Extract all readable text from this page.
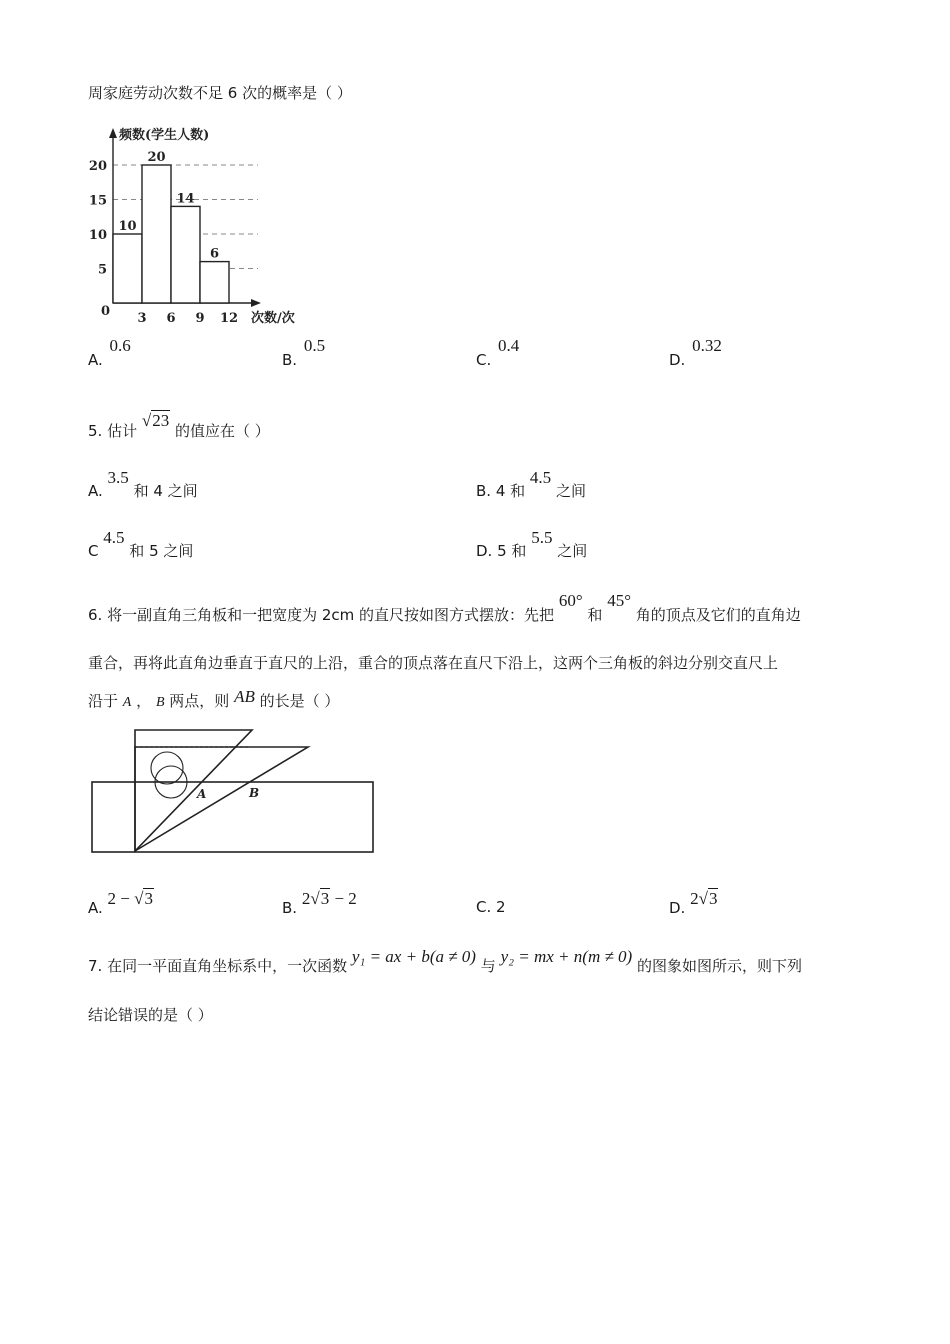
周家庭劳动次数不足 6 次的概率是（ ）
5
10
15
20
10
20
14
6
3 6 9 12
频数(学生人数)
次数/次
0
A. 0.6
B. 0.5
C. 0.4
D. 0.32
5. 估计 √23 的值应在（ ）
A. 3.5 和 4 之间	B. 4 和 4.5 之间
C 4.5 和 5 之间	D. 5 和 5.5 之间
6. 将一副直角三角板和一把宽度为 2cm 的直尺按如图方式摆放：先把 60° 和 45° 角的顶点及它们的直角边
重合，再将此直角边垂直于直尺的上沿，重合的顶点落在直尺下沿上，这两个三角板的斜边分别交直尺上
沿于 A ， B 两点，则 AB 的长是（ ）
A	B
A. 2 − √3	B. 2√3 − 2	C. 2	D. 2√3
7. 在同一平面直角坐标系中，一次函数 y₁ = ax + b(a ≠ 0) 与 y₂ = mx + n(m ≠ 0) 的图象如图所示，则下列
结论错误的是（ ）
